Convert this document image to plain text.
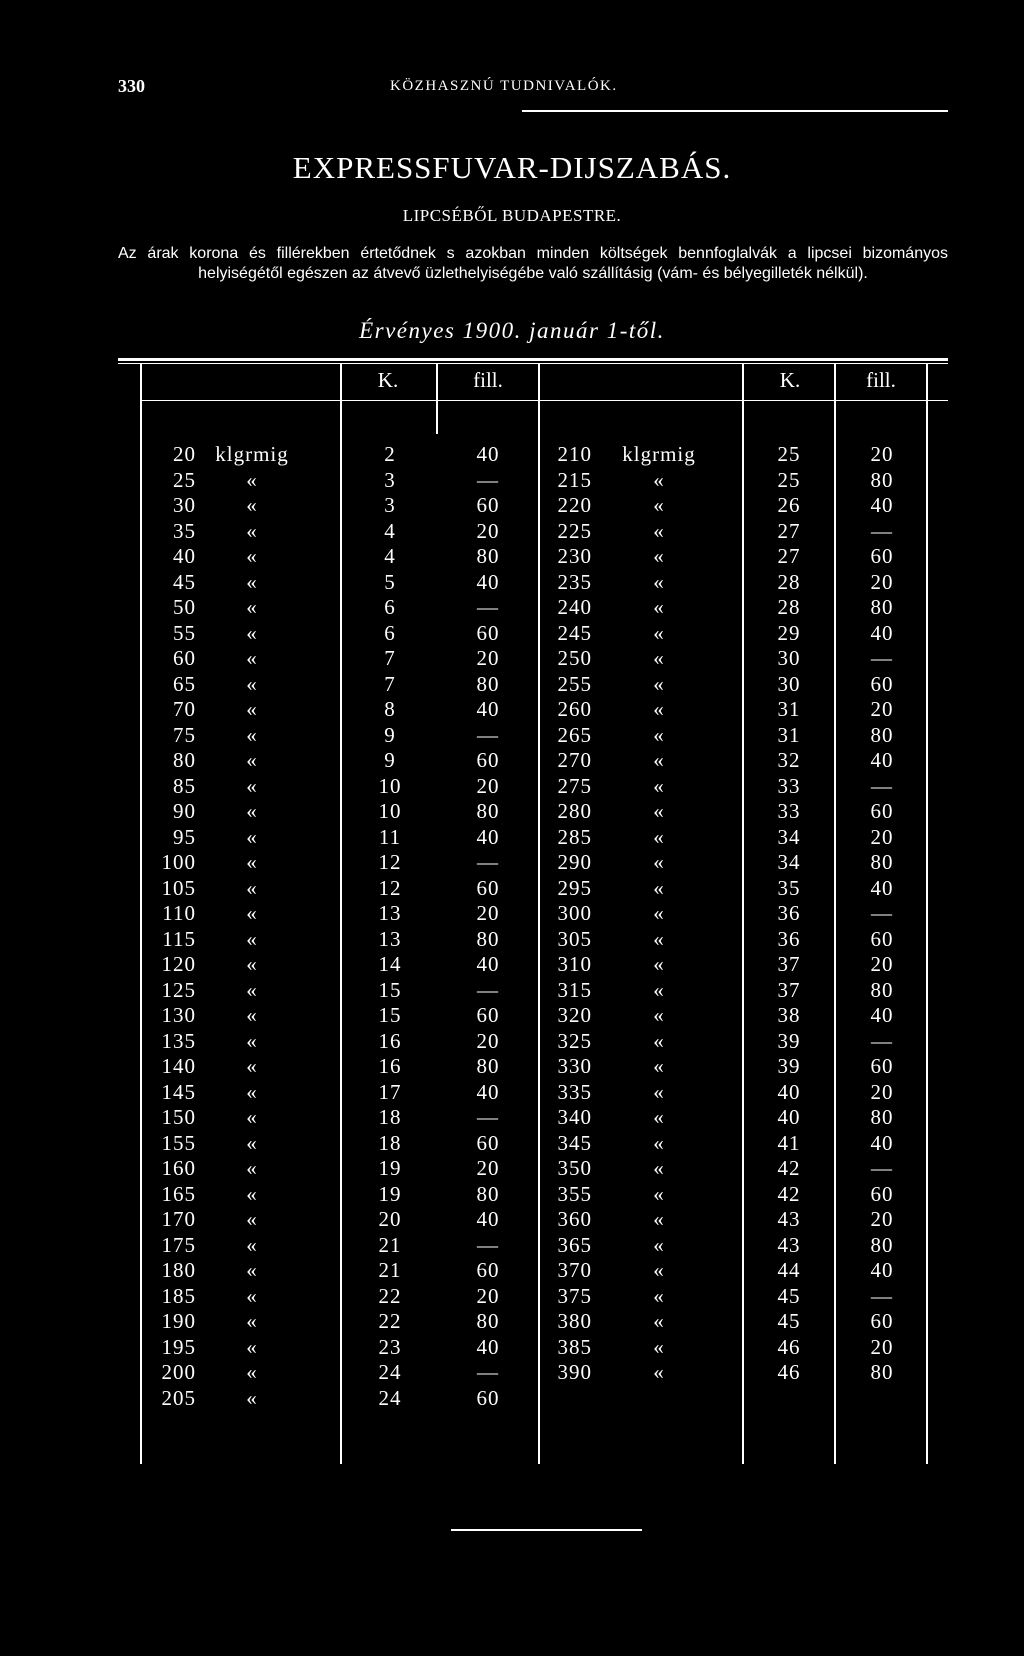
330	KÖZHASZNÚ TUDNIVALÓK.
EXPRESSFUVAR-DIJSZABÁS.
LIPCSÉBŐL BUDAPESTRE.

Az árak korona és fillérekben értetődnek s azokban minden költségek bennfoglalvák a lipcsei bizományos helyiségétől egészen az átvevő üzlethelyiségébe való szállításig (vám- és bélyegilleték nélkül).

Érvényes 1900. január 1-től.
K.	fill.	K.	fill.
20 klgrmig	2	40	210	klgrmig	25	20
25	«	3	—	215	«	25	80
30	«	3	60	220	«	26	40
35	«	4	20	225	«	27	—
40	«	4	80	230	«	27	60
45	«	5	40	235	«	28	20
50	«	6	—	240	«	28	80
55	«	6	60	245	«	29	40
60	«	7	20	250	«	30	—
65	«	7	80	255	«	30	60
70	«	8	40	260	«	31	20
75	«	9	—	265	«	31	80
80	«	9	60	270	«	32	40
85	«	10	20	275	«	33	—
90	«	10	80	280	«	33	60
95	«	11	40	285	«	34	20
100	«	12	—	290	«	34	80
105	«	12	60	295	«	35	40
110	«	13	20	300	«	36	—
115	«	13	80	305	«	36	60
120	«	14	40	310	«	37	20
125	«	15	—	315	«	37	80
130	«	15	60	320	«	38	40
135	«	16	20	325	«	39	—
140	«	16	80	330	«	39	60
145	«	17	40	335	«	40	20
150	«	18	—	340	«	40	80
155	«	18	60	345	«	41	40
160	«	19	20	350	«	42	—
165	«	19	80	355	«	42	60
170	«	20	40	360	«	43	20
175	«	21	—	365	«	43	80
180	«	21	60	370	«	44	40
185	«	22	20	375	«	45	—
190	«	22	80	380	«	45	60
195	«	23	40	385	«	46	20
200	«	24	—	390	«	46	80
205	«	24	60
